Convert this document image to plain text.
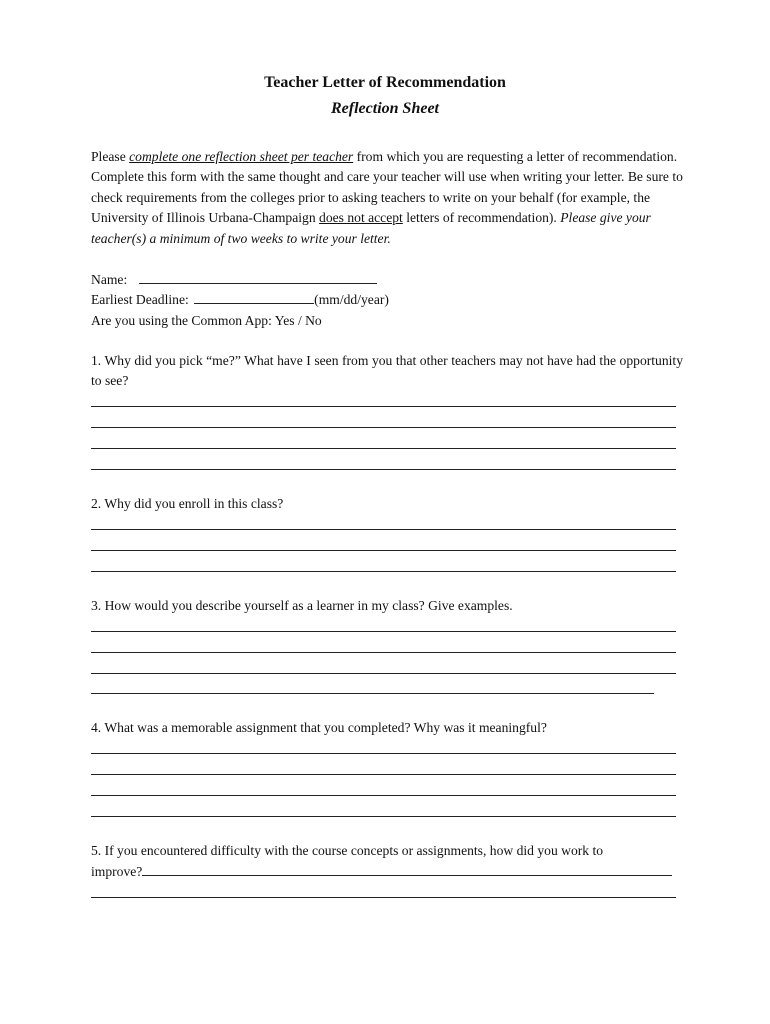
Teacher Letter of Recommendation
Reflection Sheet
Please complete one reflection sheet per teacher from which you are requesting a letter of recommendation. Complete this form with the same thought and care your teacher will use when writing your letter. Be sure to check requirements from the colleges prior to asking teachers to write on your behalf (for example, the University of Illinois Urbana-Champaign does not accept letters of recommendation). Please give your teacher(s) a minimum of two weeks to write your letter.
Name:
Earliest Deadline:	(mm/dd/year)
Are you using the Common App: Yes / No
1. Why did you pick “me?” What have I seen from you that other teachers may not have had the opportunity to see?
2. Why did you enroll in this class?
3. How would you describe yourself as a learner in my class? Give examples.
4. What was a memorable assignment that you completed? Why was it meaningful?
5. If you encountered difficulty with the course concepts or assignments, how did you work to
improve?
